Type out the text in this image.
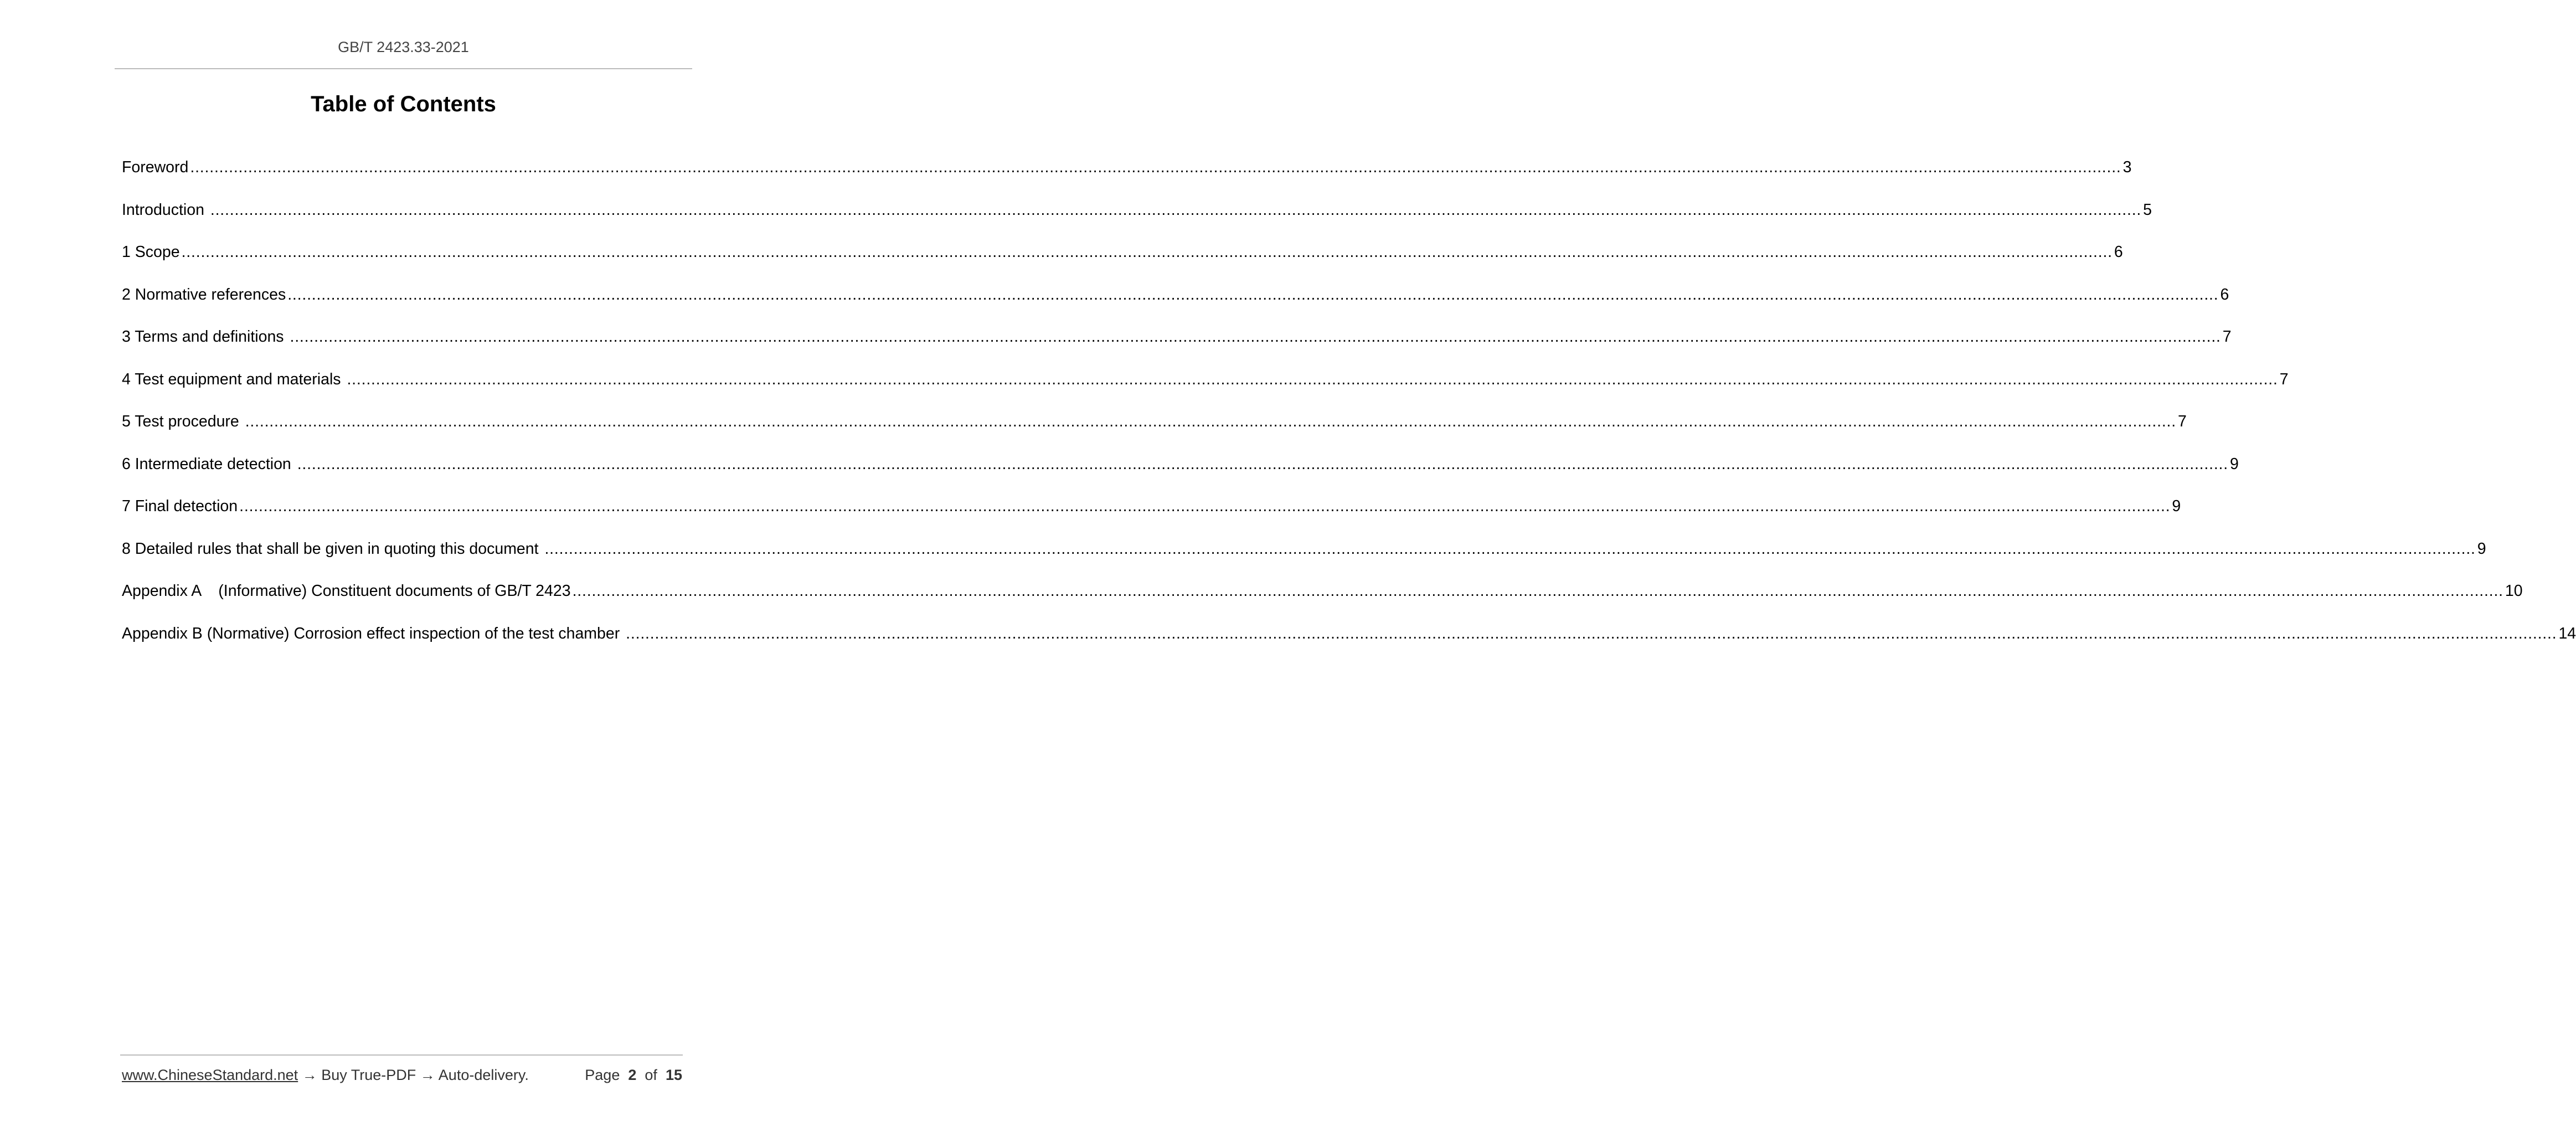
GB/T 2423.33-2021
Table of Contents
Foreword ................................................................................................................................................................................................................................................................................................................................................................................................................ 3
Introduction ................................................................................................................................................................................................................................................................................................................................................................................................................ 5
1 Scope ................................................................................................................................................................................................................................................................................................................................................................................................................ 6
2 Normative references ................................................................................................................................................................................................................................................................................................................................................................................................................ 6
3 Terms and definitions ................................................................................................................................................................................................................................................................................................................................................................................................................ 7
4 Test equipment and materials ................................................................................................................................................................................................................................................................................................................................................................................................................ 7
5 Test procedure ................................................................................................................................................................................................................................................................................................................................................................................................................ 7
6 Intermediate detection ................................................................................................................................................................................................................................................................................................................................................................................................................ 9
7 Final detection ................................................................................................................................................................................................................................................................................................................................................................................................................ 9
8 Detailed rules that shall be given in quoting this document ................................................................................................................................................................................................................................................................................................................................................................................................................ 9
Appendix A    (Informative) Constituent documents of GB/T 2423 ................................................................................................................................................................................................................................................................................................................................................................................................................ 10
Appendix B (Normative) Corrosion effect inspection of the test chamber ................................................................................................................................................................................................................................................................................................................................................................................................................ 14
www.ChineseStandard.net → Buy True-PDF → Auto-delivery.	Page 2 of 15
